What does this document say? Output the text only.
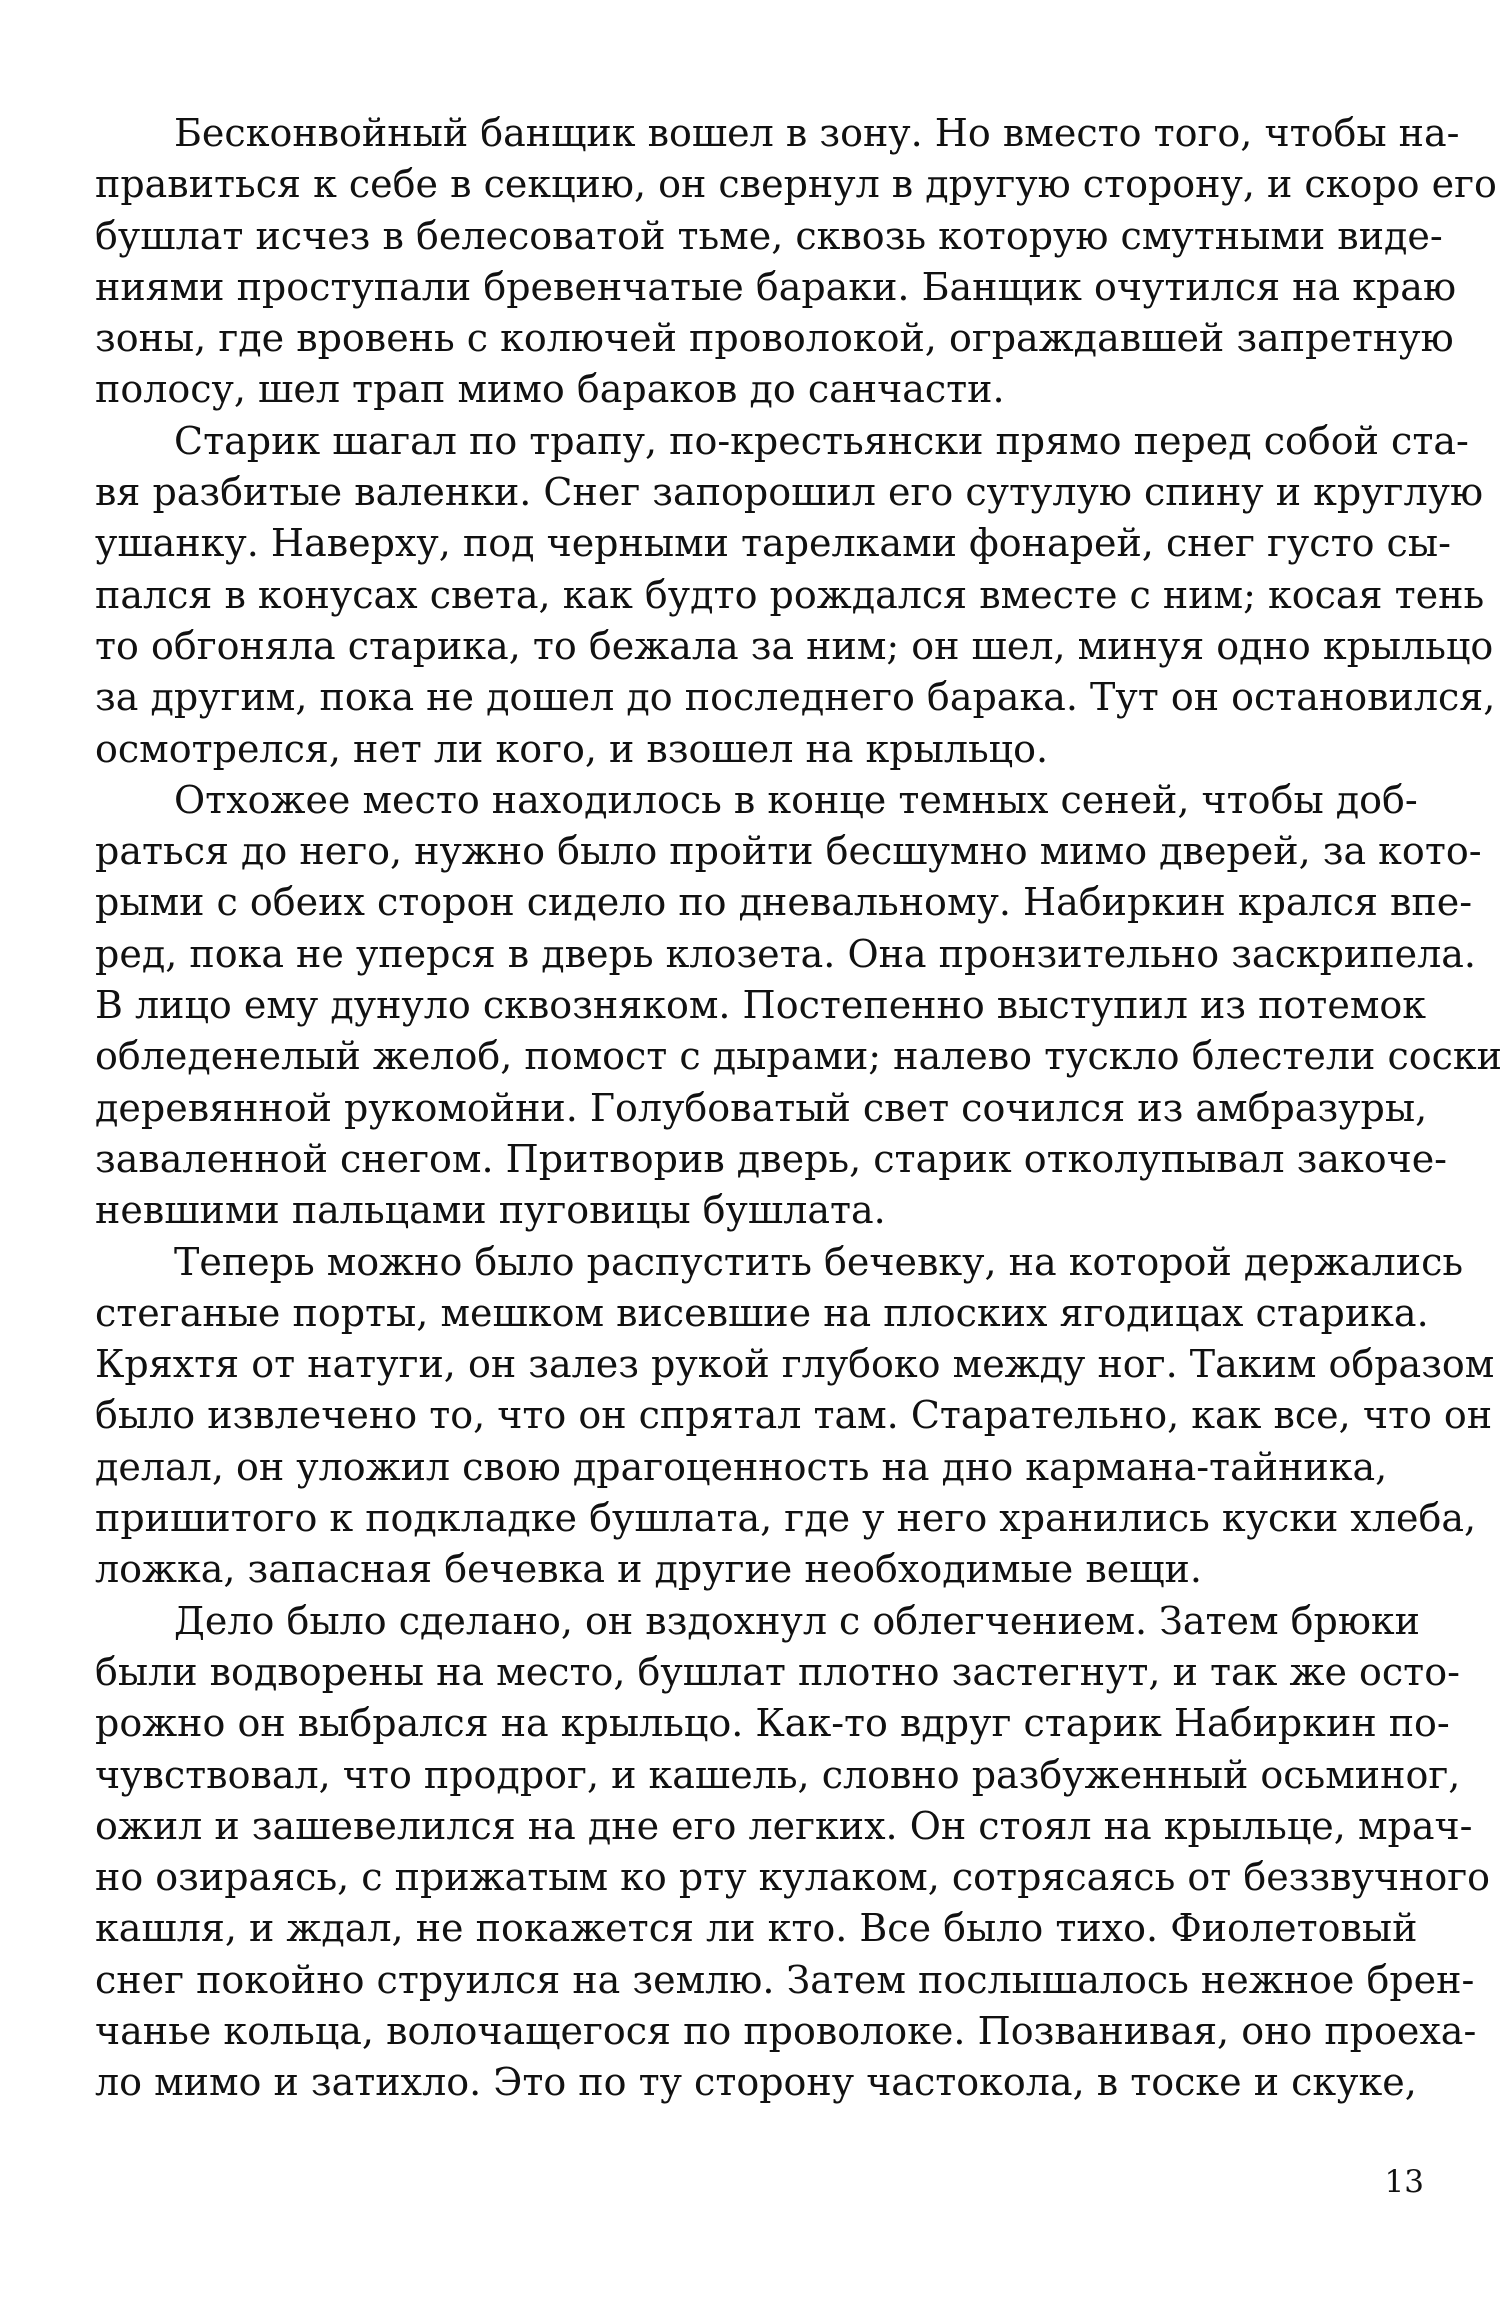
Бесконвойный банщик вошел в зону. Но вместо того, чтобы на-
правиться к себе в секцию, он свернул в другую сторону, и скоро его
бушлат исчез в белесоватой тьме, сквозь которую смутными виде-
ниями проступали бревенчатые бараки. Банщик очутился на краю
зоны, где вровень с колючей проволокой, ограждавшей запретную
полосу, шел трап мимо бараков до санчасти.
Старик шагал по трапу, по-крестьянски прямо перед собой ста-
вя разбитые валенки. Снег запорошил его сутулую спину и круглую
ушанку. Наверху, под черными тарелками фонарей, снег густо сы-
пался в конусах света, как будто рождался вместе с ним; косая тень
то обгоняла старика, то бежала за ним; он шел, минуя одно крыльцо
за другим, пока не дошел до последнего барака. Тут он остановился,
осмотрелся, нет ли кого, и взошел на крыльцо.
Отхожее место находилось в конце темных сеней, чтобы доб-
раться до него, нужно было пройти бесшумно мимо дверей, за кото-
рыми с обеих сторон сидело по дневальному. Набиркин крался впе-
ред, пока не уперся в дверь клозета. Она пронзительно заскрипела.
В лицо ему дунуло сквозняком. Постепенно выступил из потемок
обледенелый желоб, помост с дырами; налево тускло блестели соски
деревянной рукомойни. Голубоватый свет сочился из амбразуры,
заваленной снегом. Притворив дверь, старик отколупывал закоче-
невшими пальцами пуговицы бушлата.
Теперь можно было распустить бечевку, на которой держались
стеганые порты, мешком висевшие на плоских ягодицах старика.
Кряхтя от натуги, он залез рукой глубоко между ног. Таким образом
было извлечено то, что он спрятал там. Старательно, как все, что он
делал, он уложил свою драгоценность на дно кармана-тайника,
пришитого к подкладке бушлата, где у него хранились куски хлеба,
ложка, запасная бечевка и другие необходимые вещи.
Дело было сделано, он вздохнул с облегчением. Затем брюки
были водворены на место, бушлат плотно застегнут, и так же осто-
рожно он выбрался на крыльцо. Как-то вдруг старик Набиркин по-
чувствовал, что продрог, и кашель, словно разбуженный осьминог,
ожил и зашевелился на дне его легких. Он стоял на крыльце, мрач-
но озираясь, с прижатым ко рту кулаком, сотрясаясь от беззвучного
кашля, и ждал, не покажется ли кто. Все было тихо. Фиолетовый
снег покойно струился на землю. Затем послышалось нежное брен-
чанье кольца, волочащегося по проволоке. Позванивая, оно проеха-
ло мимо и затихло. Это по ту сторону частокола, в тоске и скуке,
13
